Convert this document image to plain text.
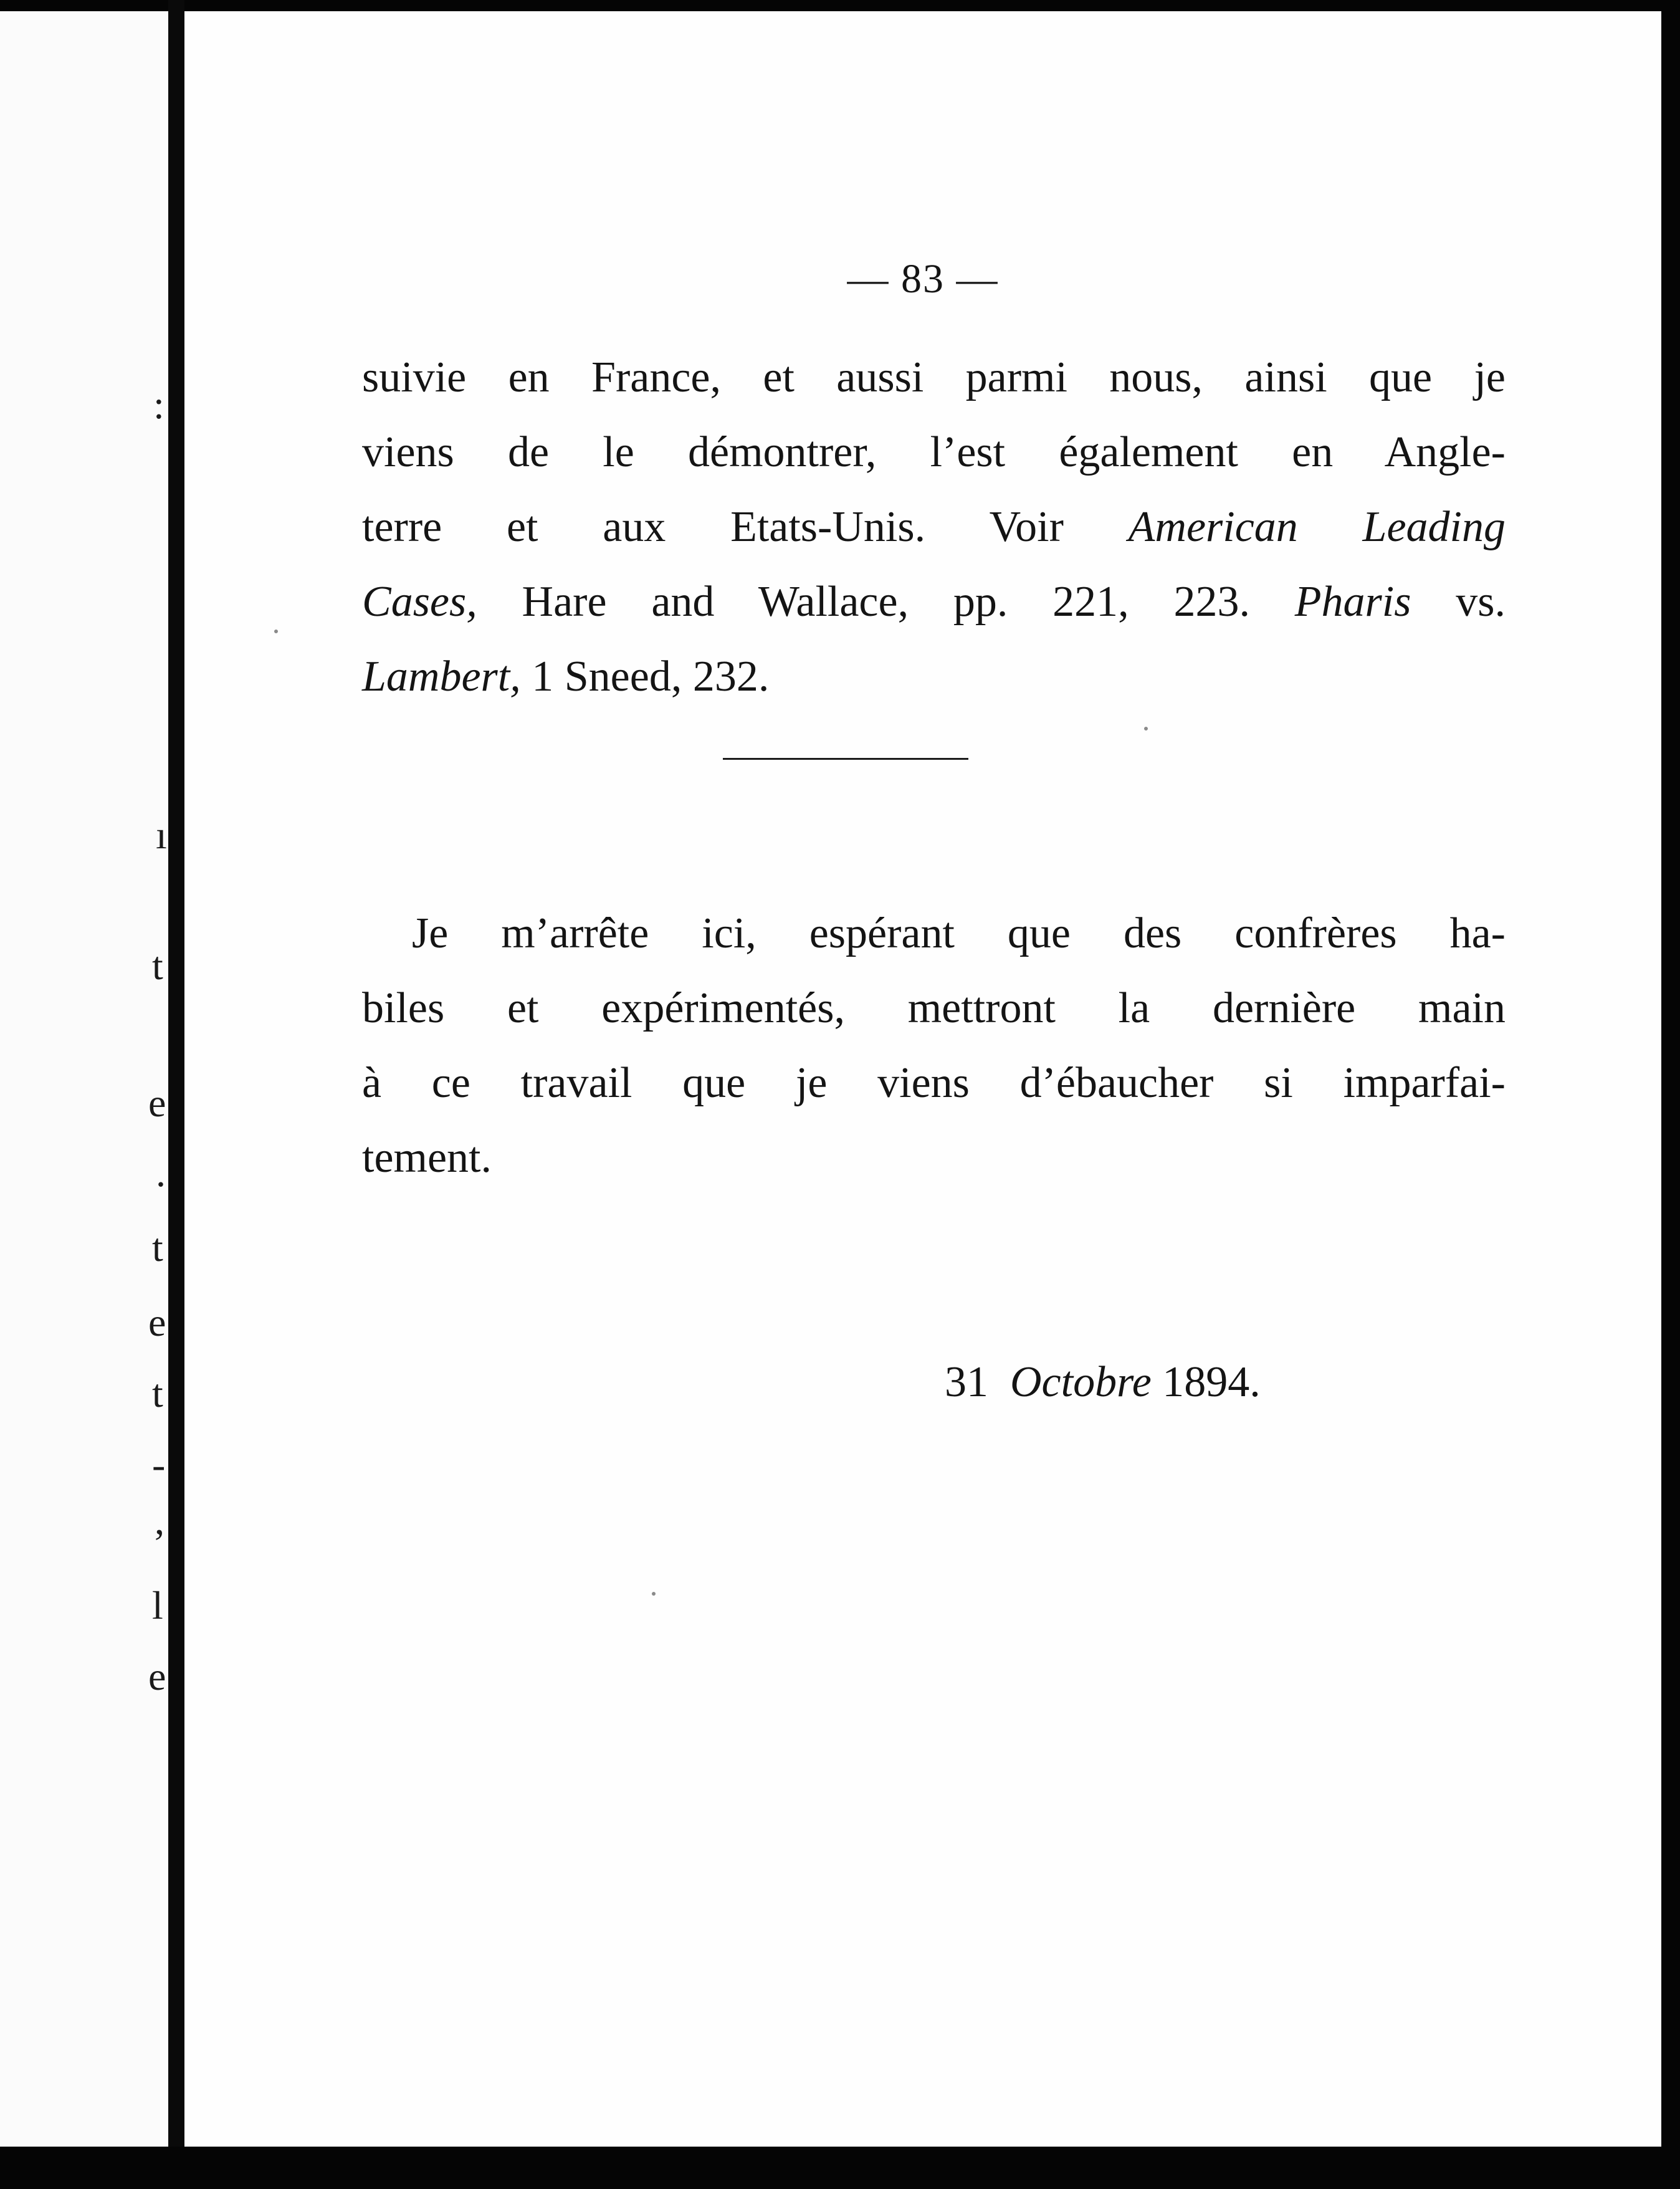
:
ı
t
e
.
t
e
t
-
,
l
e
— 83 —
suivie en France, et aussi parmi nous, ainsi que je
viens de le démontrer, l’est également en Angle-
terre et aux Etats-Unis. Voir American Leading
Cases, Hare and Wallace, pp. 221, 223. Pharis vs.
Lambert, 1 Sneed, 232.
Je m’arrête ici, espérant que des confrères ha-
biles et expérimentés, mettront la dernière main
à ce travail que je viens d’ébaucher si imparfai-
tement.
31 Octobre 1894.
